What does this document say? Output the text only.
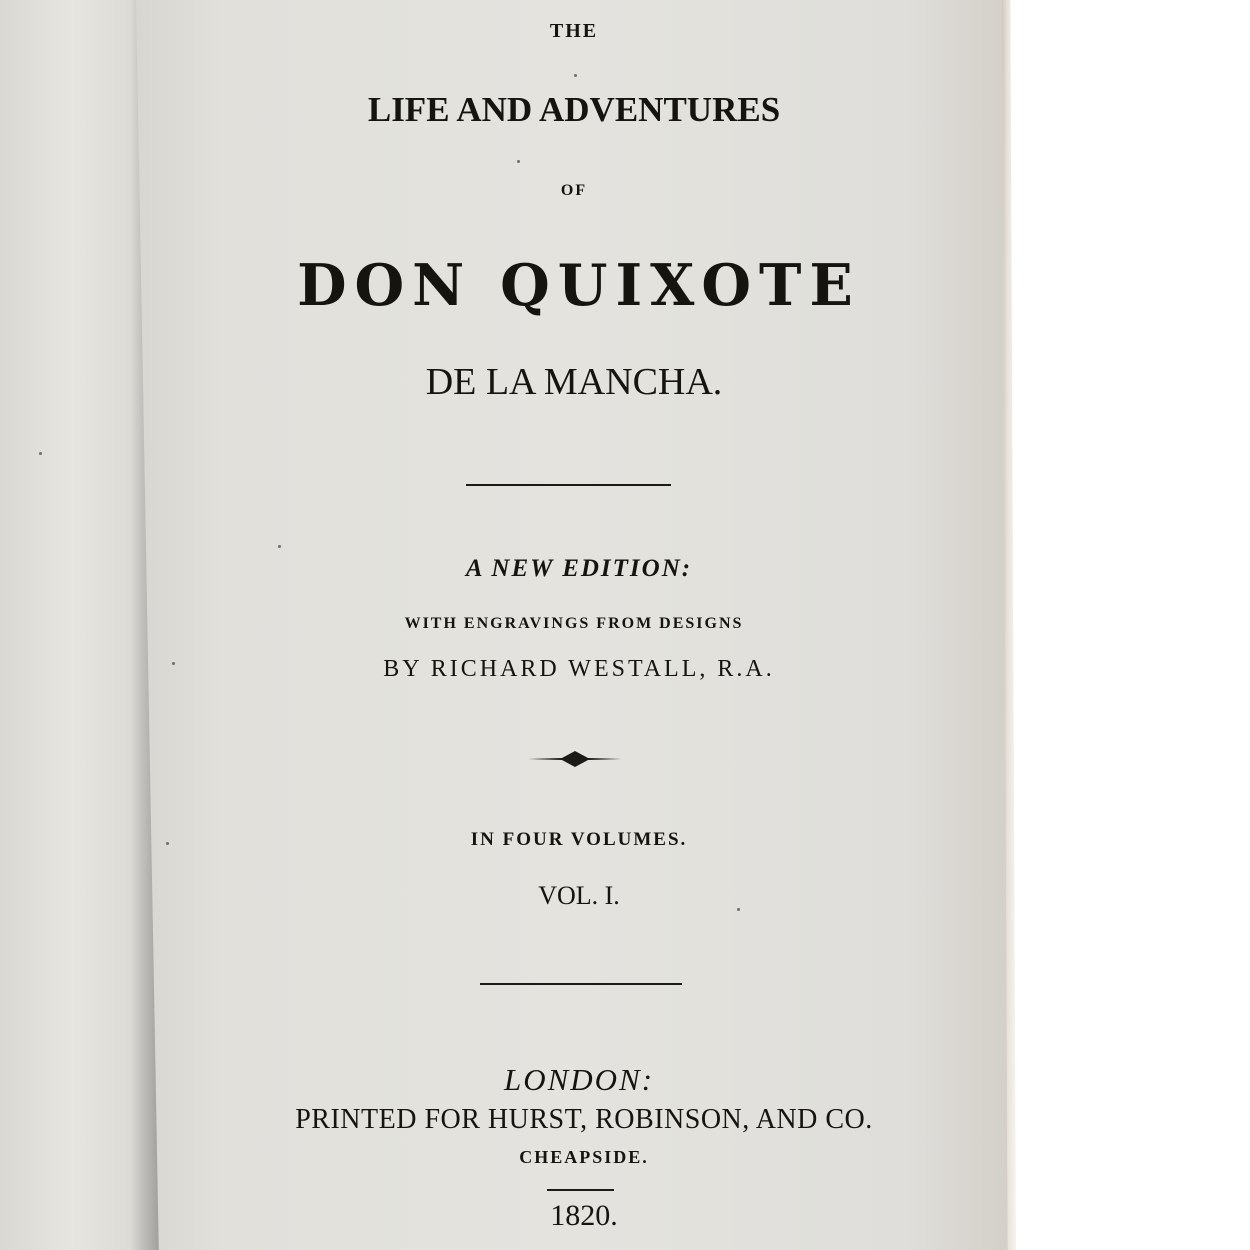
THE
LIFE AND ADVENTURES
OF
DON QUIXOTE
DE LA MANCHA.
A NEW EDITION:
WITH ENGRAVINGS FROM DESIGNS
BY RICHARD WESTALL, R.A.
IN FOUR VOLUMES.
VOL. I.
LONDON:
PRINTED FOR HURST, ROBINSON, AND CO.
CHEAPSIDE.
1820.
